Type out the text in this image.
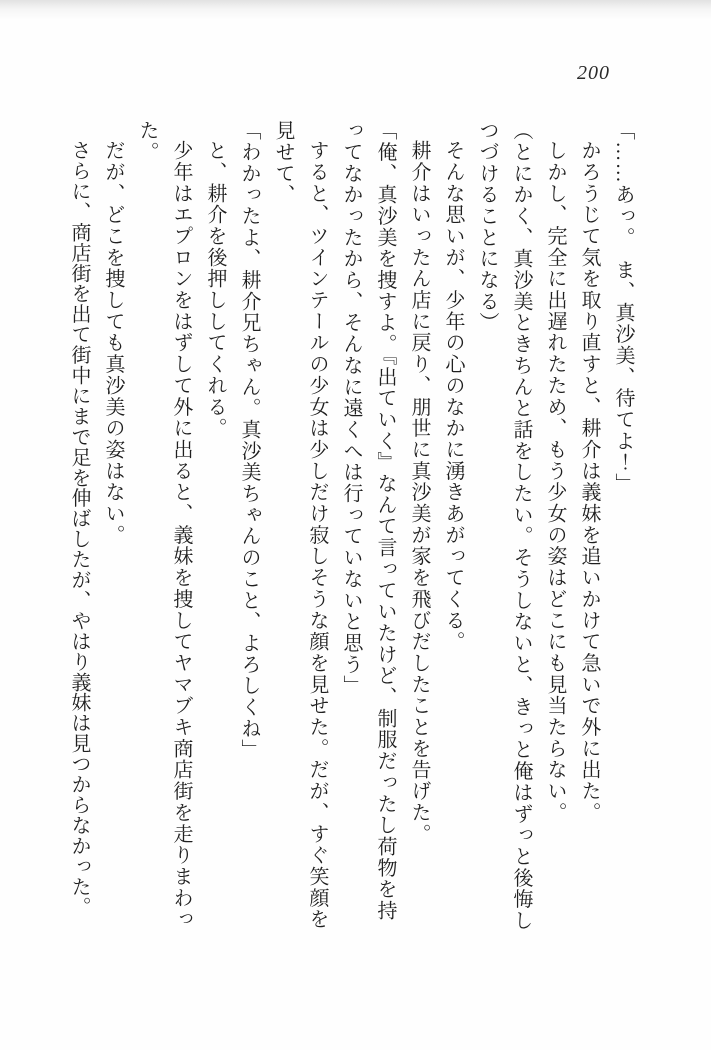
200

「……あっ。　ま、真沙美、待てよ！」

かろうじて気を取り直すと、耕介は義妹を追いかけて急いで外に出た。

しかし、完全に出遅れたため、もう少女の姿はどこにも見当たらない。

（とにかく、真沙美ときちんと話をしたい。そうしないと、きっと俺はずっと後悔しつづけることになる）

そんな思いが、少年の心のなかに湧きあがってくる。

耕介はいったん店に戻り、朋世に真沙美が家を飛びだしたことを告げた。

「俺、真沙美を捜すよ。『出ていく』なんて言っていたけど、制服だったし荷物を持ってなかったから、そんなに遠くへは行っていないと思う」

すると、ツインテールの少女は少しだけ寂しそうな顔を見せた。だが、すぐ笑顔を見せて、

「わかったよ、耕介兄ちゃん。真沙美ちゃんのこと、よろしくね」

と、耕介を後押ししてくれる。

少年はエプロンをはずして外に出ると、義妹を捜してヤマブキ商店街を走りまわった。

だが、どこを捜しても真沙美の姿はない。

さらに、商店街を出て街中にまで足を伸ばしたが、やはり義妹は見つからなかった。
